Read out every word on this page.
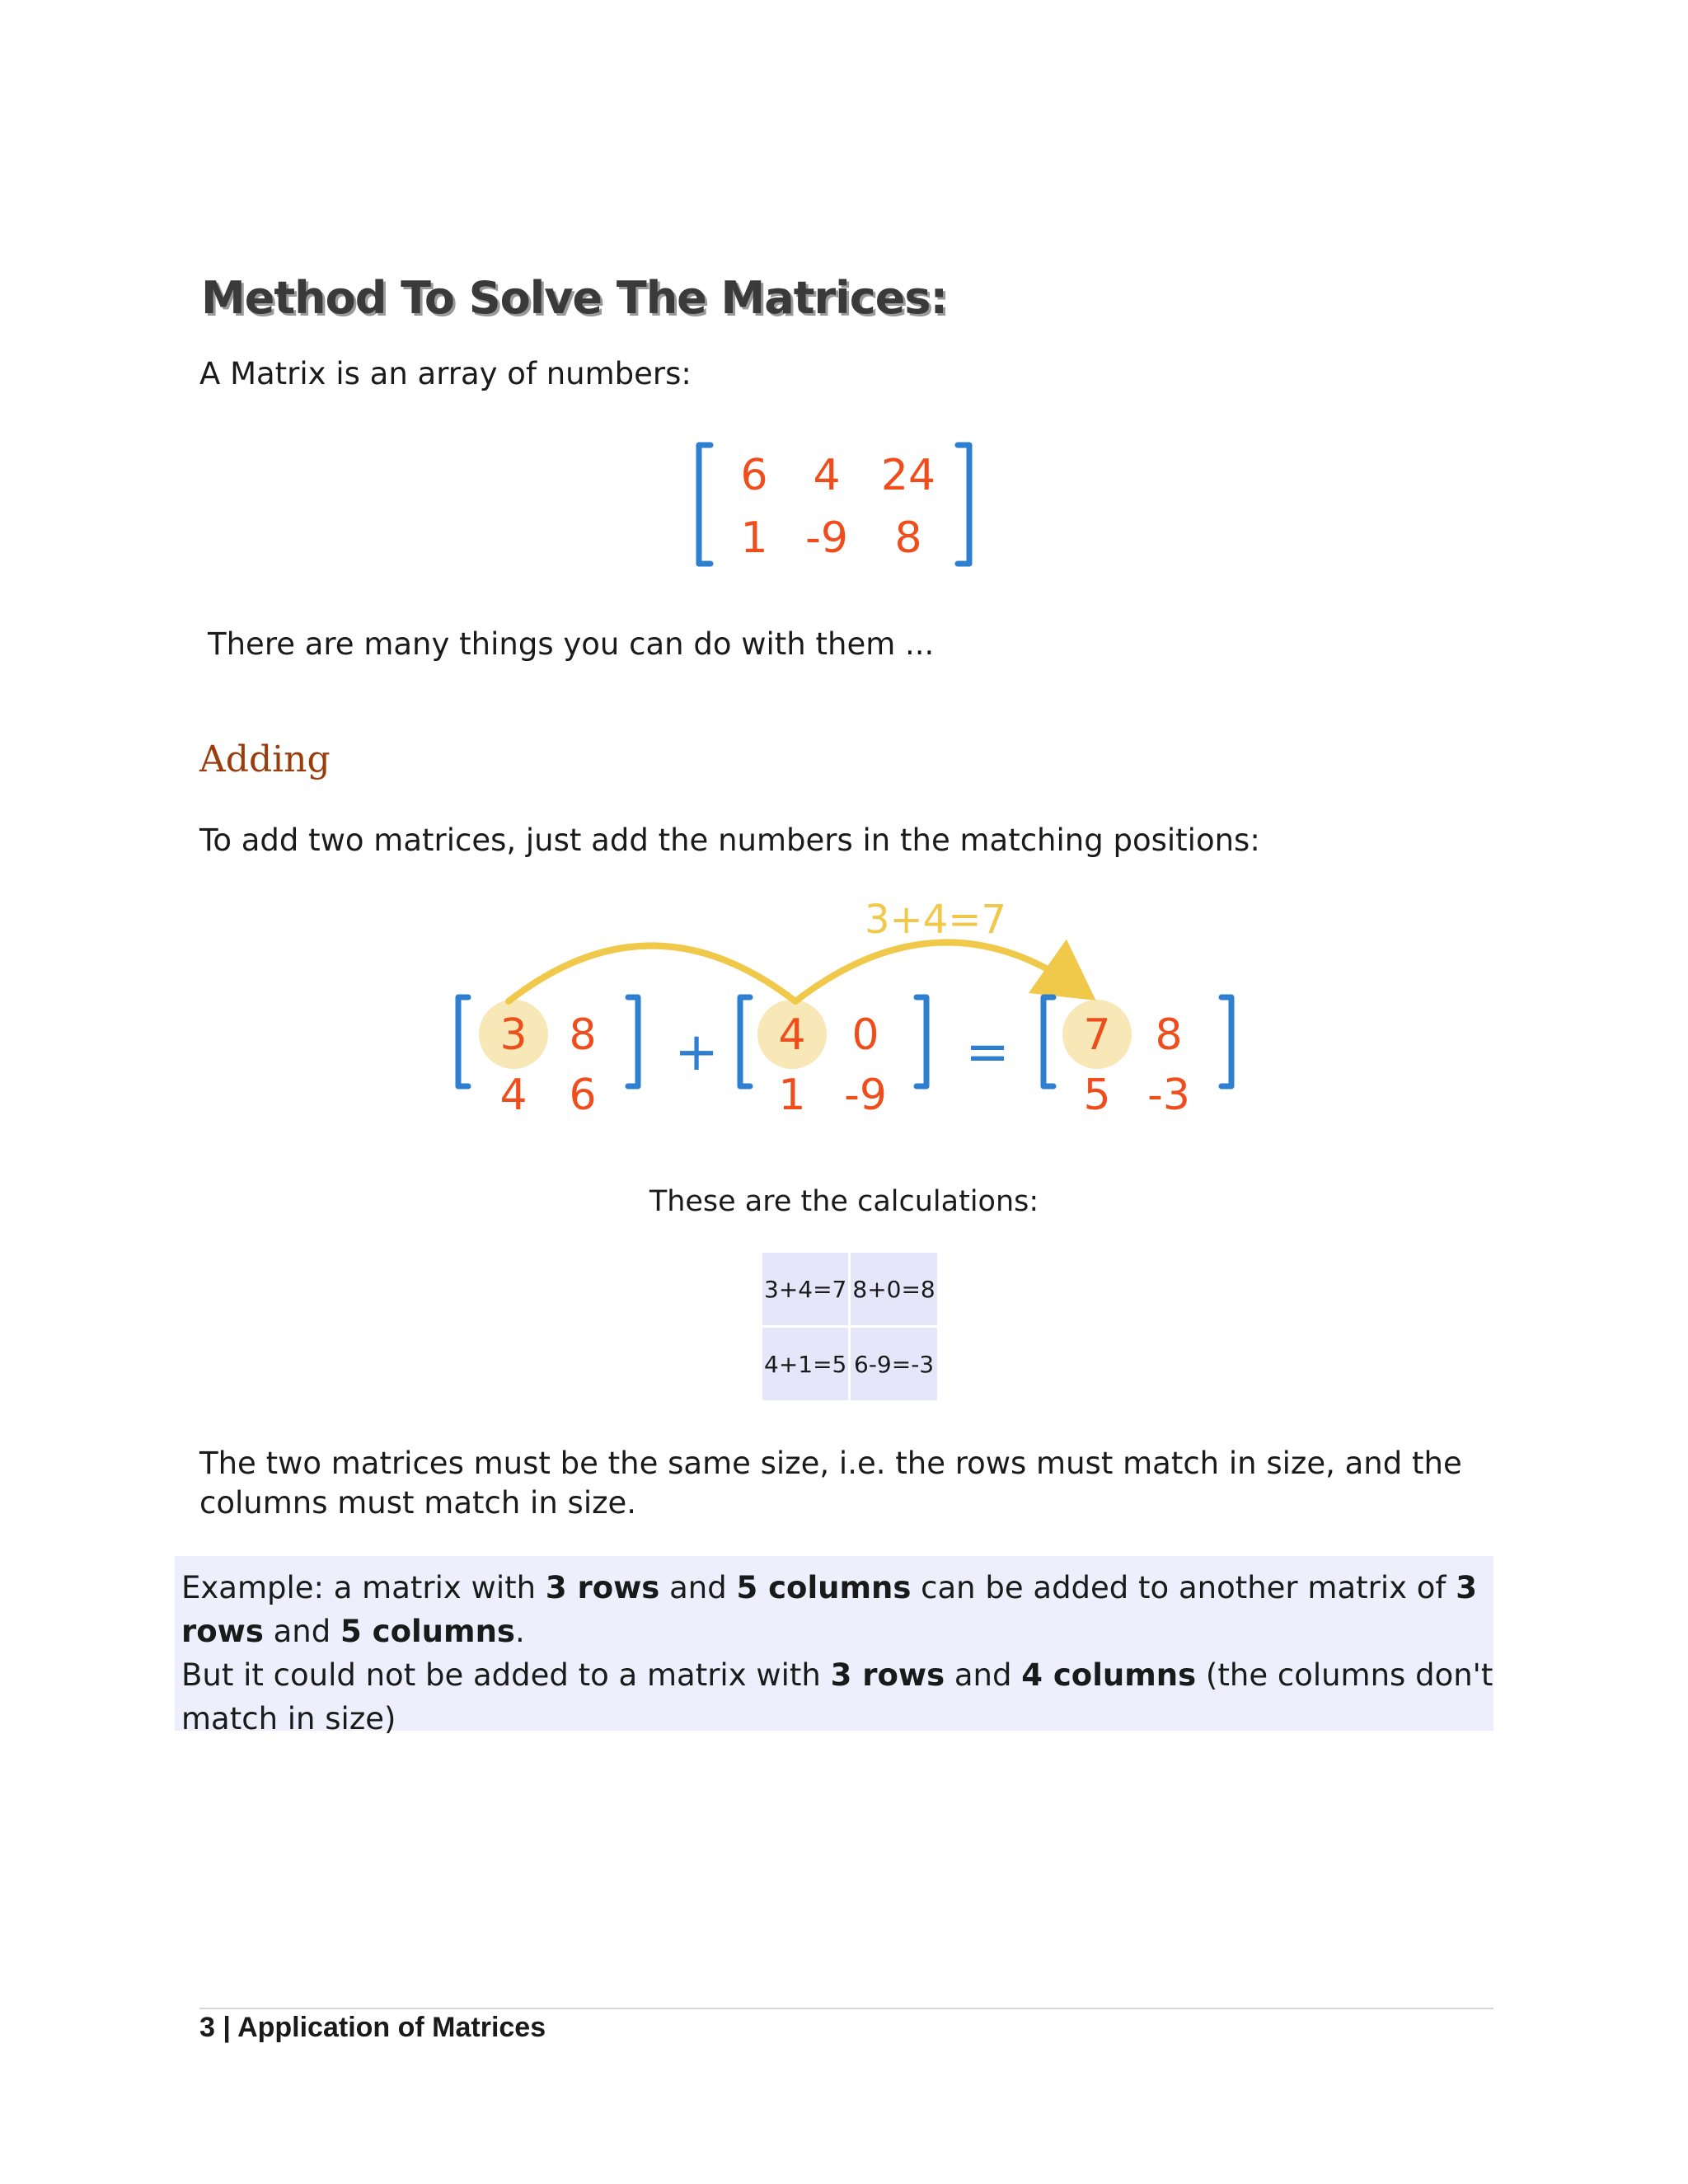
Method To Solve The Matrices:

A Matrix is an array of numbers:

6 4 24
1 -9 8

There are many things you can do with them ...

Adding

To add two matrices, just add the numbers in the matching positions:

3+4=7
3 8
4 6
+ 4 0
1 -9
= 7 8
5 -3

These are the calculations:

3+4=7	8+0=8
4+1=5	6-9=-3

The two matrices must be the same size, i.e. the rows must match in size, and the columns must match in size.

Example: a matrix with 3 rows and 5 columns can be added to another matrix of 3 rows and 5 columns.

But it could not be added to a matrix with 3 rows and 4 columns (the columns don't match in size)

3 | Application of Matrices
